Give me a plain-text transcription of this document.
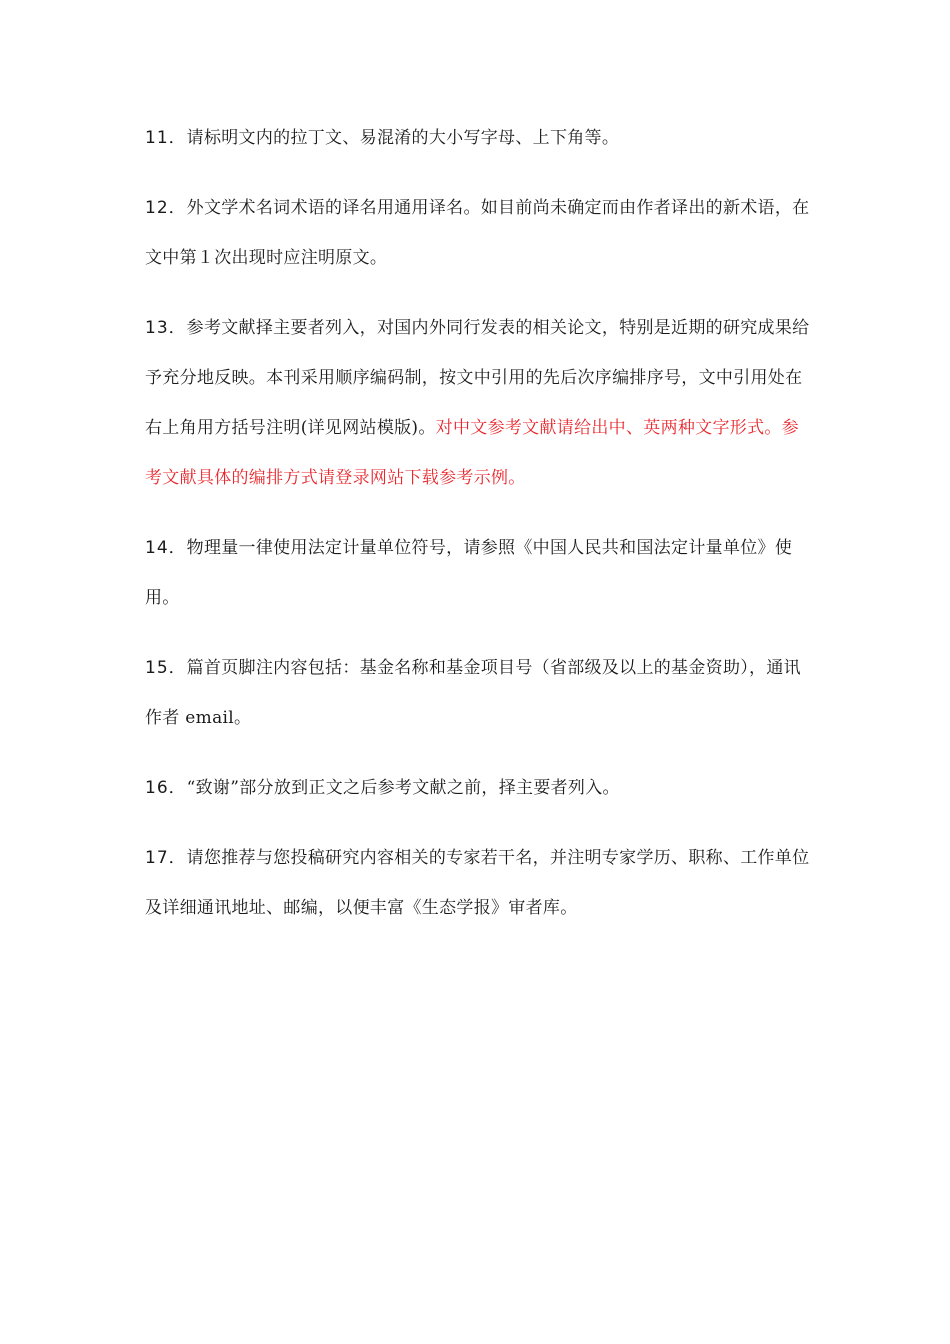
11．请标明文内的拉丁文、易混淆的大小写字母、上下角等。

12．外文学术名词术语的译名用通用译名。如目前尚未确定而由作者译出的新术语，在文中第１次出现时应注明原文。

13．参考文献择主要者列入，对国内外同行发表的相关论文，特别是近期的研究成果给予充分地反映。本刊采用顺序编码制，按文中引用的先后次序编排序号，文中引用处在右上角用方括号注明(详见网站模版)。对中文参考文献请给出中、英两种文字形式。参考文献具体的编排方式请登录网站下载参考示例。

14．物理量一律使用法定计量单位符号，请参照《中国人民共和国法定计量单位》使用。

15．篇首页脚注内容包括：基金名称和基金项目号（省部级及以上的基金资助），通讯作者 email。

16．“致谢”部分放到正文之后参考文献之前，择主要者列入。

17．请您推荐与您投稿研究内容相关的专家若干名，并注明专家学历、职称、工作单位及详细通讯地址、邮编，以便丰富《生态学报》审者库。
